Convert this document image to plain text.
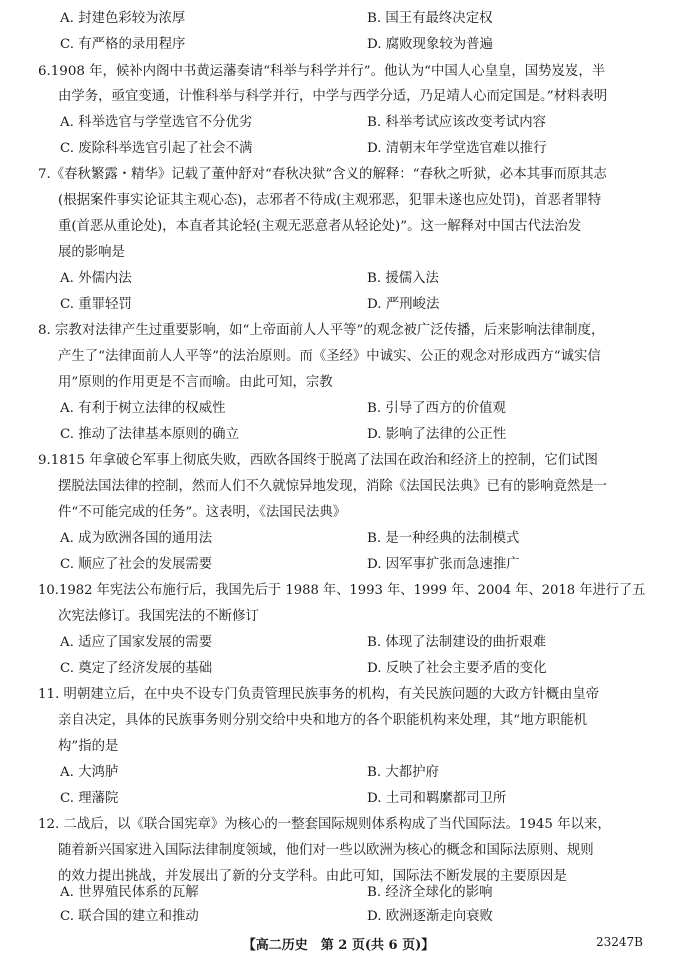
A. 封建色彩较为浓厚	B. 国王有最终决定权
C. 有严格的录用程序	D. 腐败现象较为普遍
6.1908 年，候补内阁中书黄运藩奏请“科举与科学并行”。他认为“中国人心皇皇，国势岌岌，半
由学务，亟宜变通，计惟科举与科学并行，中学与西学分适，乃足靖人心而定国是。”材料表明
A. 科举选官与学堂选官不分优劣	B. 科举考试应该改变考试内容
C. 废除科举选官引起了社会不满	D. 清朝末年学堂选官难以推行
7.《春秋繁露・精华》记载了董仲舒对“春秋决狱”含义的解释：“春秋之听狱，必本其事而原其志
(根据案件事实论证其主观心态)，志邪者不待成(主观邪恶，犯罪未遂也应处罚)，首恶者罪特
重(首恶从重论处)，本直者其论轻(主观无恶意者从轻论处)”。这一解释对中国古代法治发
展的影响是
A. 外儒内法	B. 援儒入法
C. 重罪轻罚	D. 严刑峻法
8. 宗教对法律产生过重要影响，如“上帝面前人人平等”的观念被广泛传播，后来影响法律制度，
产生了“法律面前人人平等”的法治原则。而《圣经》中诚实、公正的观念对形成西方“诚实信
用”原则的作用更是不言而喻。由此可知，宗教
A. 有利于树立法律的权威性	B. 引导了西方的价值观
C. 推动了法律基本原则的确立	D. 影响了法律的公正性
9.1815 年拿破仑军事上彻底失败，西欧各国终于脱离了法国在政治和经济上的控制，它们试图
摆脱法国法律的控制，然而人们不久就惊异地发现，消除《法国民法典》已有的影响竟然是一
件“不可能完成的任务”。这表明，《法国民法典》
A. 成为欧洲各国的通用法	B. 是一种经典的法制模式
C. 顺应了社会的发展需要	D. 因军事扩张而急速推广
10.1982 年宪法公布施行后，我国先后于 1988 年、1993 年、1999 年、2004 年、2018 年进行了五
次宪法修订。我国宪法的不断修订
A. 适应了国家发展的需要	B. 体现了法制建设的曲折艰难
C. 奠定了经济发展的基础	D. 反映了社会主要矛盾的变化
11. 明朝建立后，在中央不设专门负责管理民族事务的机构，有关民族问题的大政方针概由皇帝
亲自决定，具体的民族事务则分别交给中央和地方的各个职能机构来处理，其“地方职能机
构”指的是
A. 大鸿胪	B. 大都护府
C. 理藩院	D. 土司和羁縻都司卫所
12. 二战后，以《联合国宪章》为核心的一整套国际规则体系构成了当代国际法。1945 年以来，
随着新兴国家进入国际法律制度领域，他们对一些以欧洲为核心的概念和国际法原则、规则
的效力提出挑战，并发展出了新的分支学科。由此可知，国际法不断发展的主要原因是
A. 世界殖民体系的瓦解	B. 经济全球化的影响
C. 联合国的建立和推动	D. 欧洲逐渐走向衰败
【高二历史　第 2 页(共 6 页)】	23247B
